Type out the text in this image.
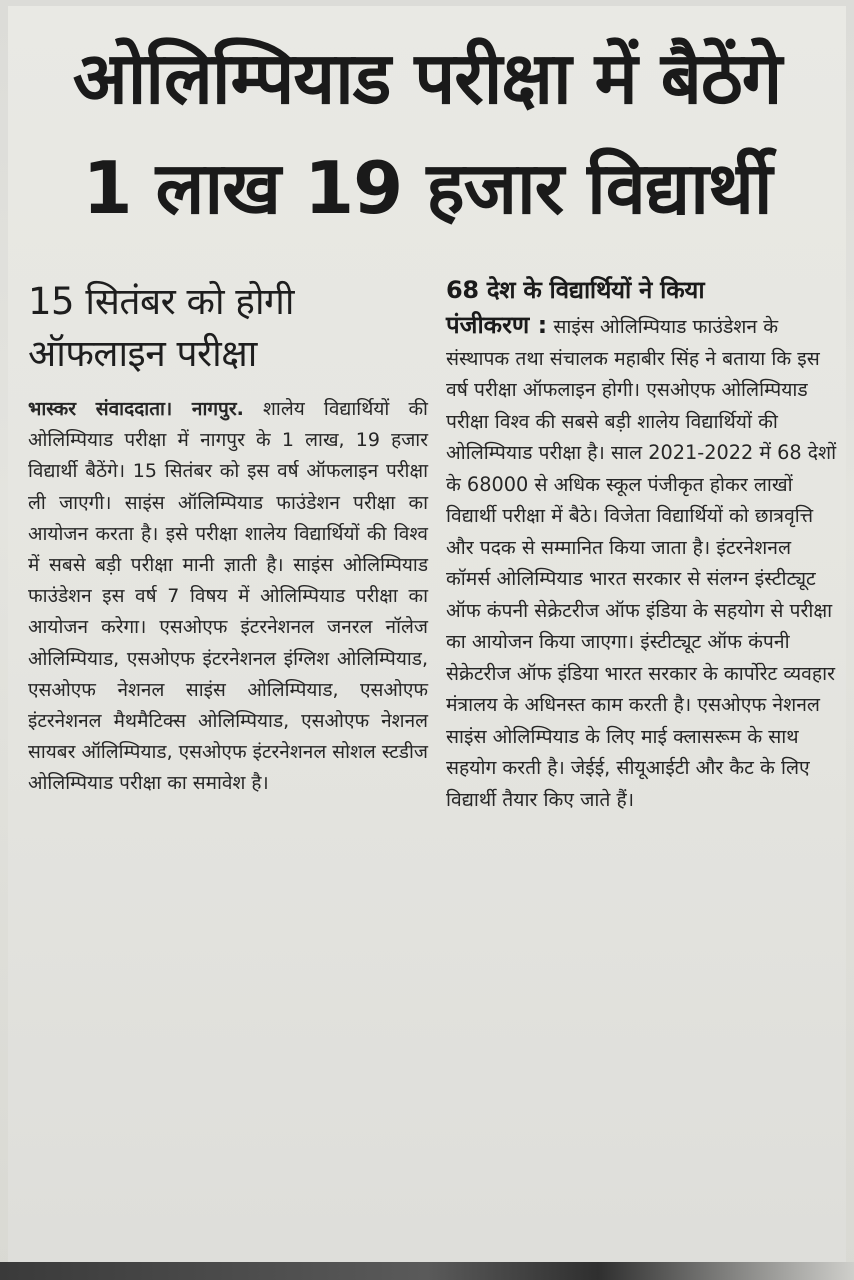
ओलिम्पियाड परीक्षा में बैठेंगे
1 लाख 19 हजार विद्यार्थी
15 सितंबर को होगी
ऑफलाइन परीक्षा
भास्कर संवाददाता। नागपुर. शालेय विद्यार्थियों की ओलिम्पियाड परीक्षा में नागपुर के 1 लाख, 19 हजार विद्यार्थी बैठेंगे। 15 सितंबर को इस वर्ष ऑफलाइन परीक्षा ली जाएगी। साइंस ऑलिम्पियाड फाउंडेशन परीक्षा का आयोजन करता है। इसे परीक्षा शालेय विद्यार्थियों की विश्व में सबसे बड़ी परीक्षा मानी ज्ञाती है। साइंस ओलिम्पियाड फाउंडेशन इस वर्ष 7 विषय में ओलिम्पियाड परीक्षा का आयोजन करेगा। एसओएफ इंटरनेशनल जनरल नॉलेज ओलिम्पियाड, एसओएफ इंटरनेशनल इंग्लिश ओलिम्पियाड, एसओएफ नेशनल साइंस ओलिम्पियाड, एसओएफ इंटरनेशनल मैथमैटिक्स ओलिम्पियाड, एसओएफ नेशनल सायबर ऑलिम्पियाड, एसओएफ इंटरनेशनल सोशल स्टडीज ओलिम्पियाड परीक्षा का समावेश है।
68 देश के विद्यार्थियों ने किया
पंजीकरण : साइंस ओलिम्पियाड फाउंडेशन के संस्थापक तथा संचालक महाबीर सिंह ने बताया कि इस वर्ष परीक्षा ऑफलाइन होगी। एसओएफ ओलिम्पियाड परीक्षा विश्व की सबसे बड़ी शालेय विद्यार्थियों की ओलिम्पियाड परीक्षा है। साल 2021-2022 में 68 देशों के 68000 से अधिक स्कूल पंजीकृत होकर लाखों विद्यार्थी परीक्षा में बैठे। विजेता विद्यार्थियों को छात्रवृत्ति और पदक से सम्मानित किया जाता है। इंटरनेशनल कॉमर्स ओलिम्पियाड भारत सरकार से संलग्न इंस्टीट्यूट ऑफ कंपनी सेक्रेटरीज ऑफ इंडिया के सहयोग से परीक्षा का आयोजन किया जाएगा। इंस्टीट्यूट ऑफ कंपनी सेक्रेटरीज ऑफ इंडिया भारत सरकार के कार्पोरेट व्यवहार मंत्रालय के अधिनस्त काम करती है। एसओएफ नेशनल साइंस ओलिम्पियाड के लिए माई क्लासरूम के साथ सहयोग करती है। जेईई, सीयूआईटी और कैट के लिए विद्यार्थी तैयार किए जाते हैं।
